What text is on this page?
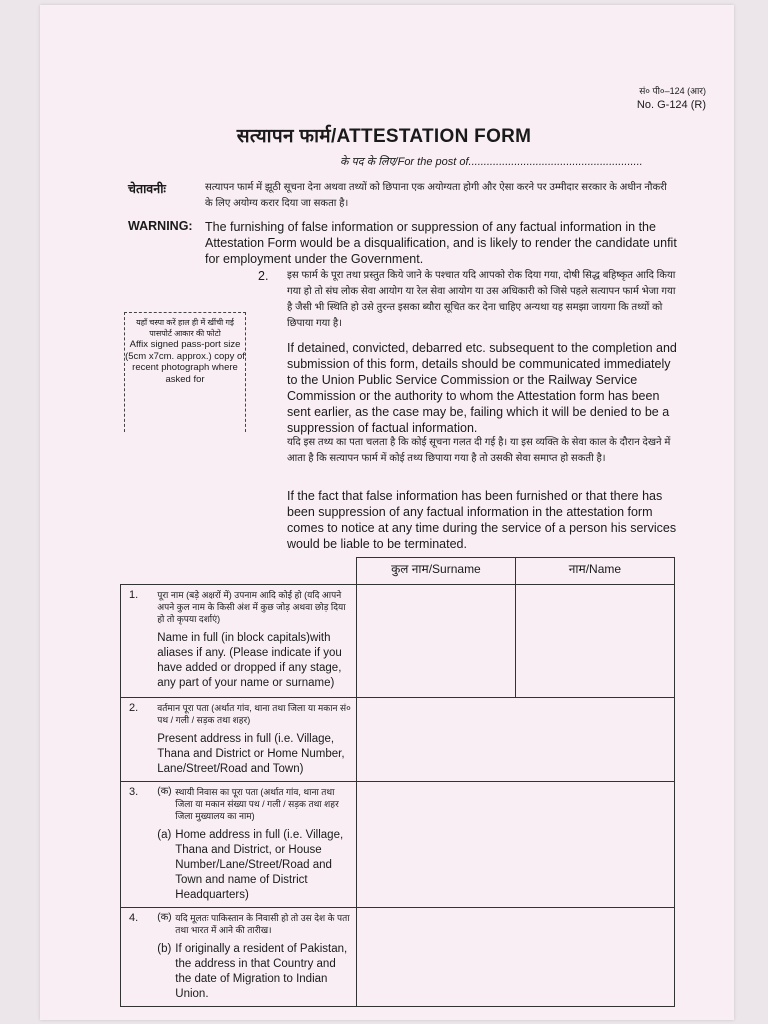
सं० पी०–124 (आर)
No. G-124 (R)
सत्यापन फार्म/ATTESTATION FORM
के पद के लिए/For the post of.........................................................
चेतावनीः	सत्यापन फार्म में झूठी सूचना देना अथवा तथ्यों को छिपाना एक अयोग्यता होगी और ऐसा करने पर उम्मीदार सरकार के अधीन नौकरी के लिए अयोग्य करार दिया जा सकता है।
WARNING: The furnishing of false information or suppression of any factual information in the Attestation Form would be a disqualification, and is likely to render the candidate unfit for employment under the Government.
2. इस फार्म के पूरा तथा प्रस्तुत किये जाने के पश्चात यदि आपको रोक दिया गया, दोषी सिद्ध बहिष्कृत आदि किया गया हो तो संघ लोक सेवा आयोग या रेल सेवा आयोग या उस अधिकारी को जिसे पहले सत्यापन फार्म भेजा गया है जैसी भी स्थिति हो उसे तुरन्त इसका ब्यौरा सूचित कर देना चाहिए अन्यथा यह समझा जायगा कि तथ्यों को छिपाया गया है।
If detained, convicted, debarred etc. subsequent to the completion and submission of this form, details should be communicated immediately to the Union Public Service Commission or the Railway Service Commission or the authority to whom the Attestation form has been sent earlier, as the case may be, failing which it will be denied to be a suppression of factual information.
यदि इस तथ्य का पता चलता है कि कोई सूचना गलत दी गई है। या इस व्यक्ति के सेवा काल के दौरान देखने में आता है कि सत्यापन फार्म में कोई तथ्य छिपाया गया है तो उसकी सेवा समाप्त हो सकती है।
If the fact that false information has been furnished or that there has been suppression of any factual information in the attestation form comes to notice at any time during the service of a person his services would be liable to be terminated.
यहाँ चस्पा करें हाल ही में खींची गई पासपोर्ट आकार की फोटो
Affix signed pass-port size (5cm x7cm. approx.) copy of recent photograph where asked for
		कुल नाम/Surname	नाम/Name
1.	पूरा नाम (बड़े अक्षरों में) उपनाम आदि कोई हो (यदि आपने अपने कुल नाम के किसी अंश में कुछ जोड़ अथवा छोड़ दिया हो तो कृपया दर्शाएं)
Name in full (in block capitals)with aliases if any. (Please indicate if you have added or dropped if any stage, any part of your name or surname)		

2.	वर्तमान पूरा पता (अर्थात गांव, थाना तथा जिला या मकान सं० पथ / गली / सड़क तथा शहर)
Present address in full (i.e. Village, Thana and District or Home Number, Lane/Street/Road and Town)		

3.	(क) स्थायी निवास का पूरा पता (अर्थात गांव, थाना तथा जिला या मकान संख्या पथ / गली / सड़क तथा शहर जिला मुख्यालय का नाम)
(a) Home address in full (i.e. Village, Thana and District, or House Number/Lane/Street/Road and Town and name of District Headquarters)		

4.	(क) यदि मूलतः पाकिस्तान के निवासी हो तो उस देश के पता तथा भारत में आने की तारीख।
(b) If originally a resident of Pakistan, the address in that Country and the date of Migration to Indian Union.		
